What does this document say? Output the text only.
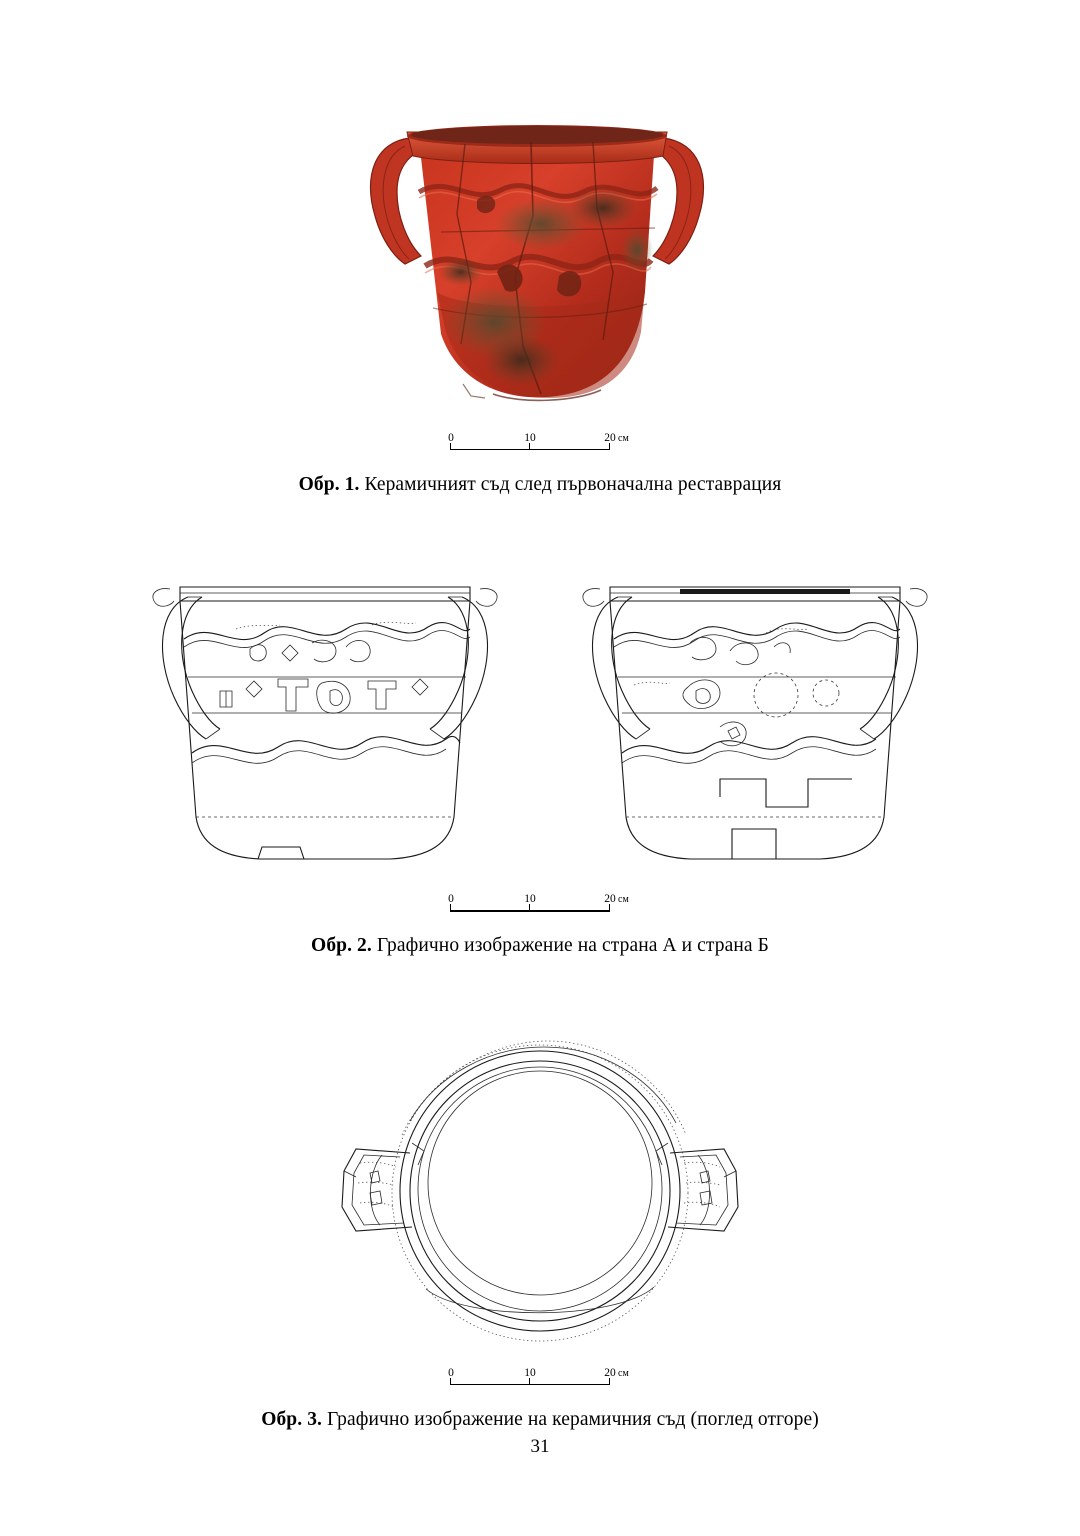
0	10	20 см
Обр. 1. Керамичният съд след първоначална реставрация
0	10	20 см
Обр. 2. Графично изображение на страна А и страна Б
0	10	20 см
Обр. 3. Графично изображение на керамичния съд (поглед отгоре)
31
